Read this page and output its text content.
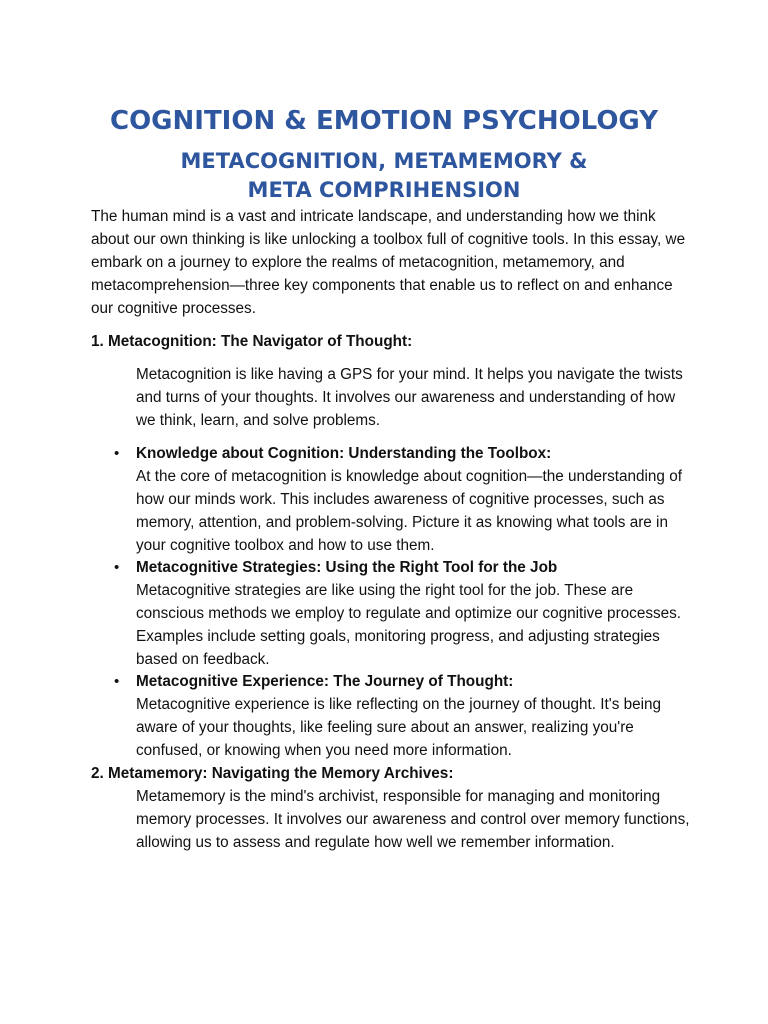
COGNITION & EMOTION PSYCHOLOGY
METACOGNITION, METAMEMORY & META COMPRIHENSION

The human mind is a vast and intricate landscape, and understanding how we think about our own thinking is like unlocking a toolbox full of cognitive tools. In this essay, we embark on a journey to explore the realms of metacognition, metamemory, and metacomprehension—three key components that enable us to reflect on and enhance our cognitive processes.

1. Metacognition: The Navigator of Thought:

Metacognition is like having a GPS for your mind. It helps you navigate the twists and turns of your thoughts. It involves our awareness and understanding of how we think, learn, and solve problems.

•	Knowledge about Cognition: Understanding the Toolbox:

At the core of metacognition is knowledge about cognition—the understanding of how our minds work. This includes awareness of cognitive processes, such as memory, attention, and problem-solving. Picture it as knowing what tools are in your cognitive toolbox and how to use them.

•	Metacognitive Strategies: Using the Right Tool for the Job

Metacognitive strategies are like using the right tool for the job. These are conscious methods we employ to regulate and optimize our cognitive processes. Examples include setting goals, monitoring progress, and adjusting strategies based on feedback.

•	Metacognitive Experience: The Journey of Thought:

Metacognitive experience is like reflecting on the journey of thought. It's being aware of your thoughts, like feeling sure about an answer, realizing you're confused, or knowing when you need more information.

2. Metamemory: Navigating the Memory Archives:

Metamemory is the mind's archivist, responsible for managing and monitoring memory processes. It involves our awareness and control over memory functions, allowing us to assess and regulate how well we remember information.
